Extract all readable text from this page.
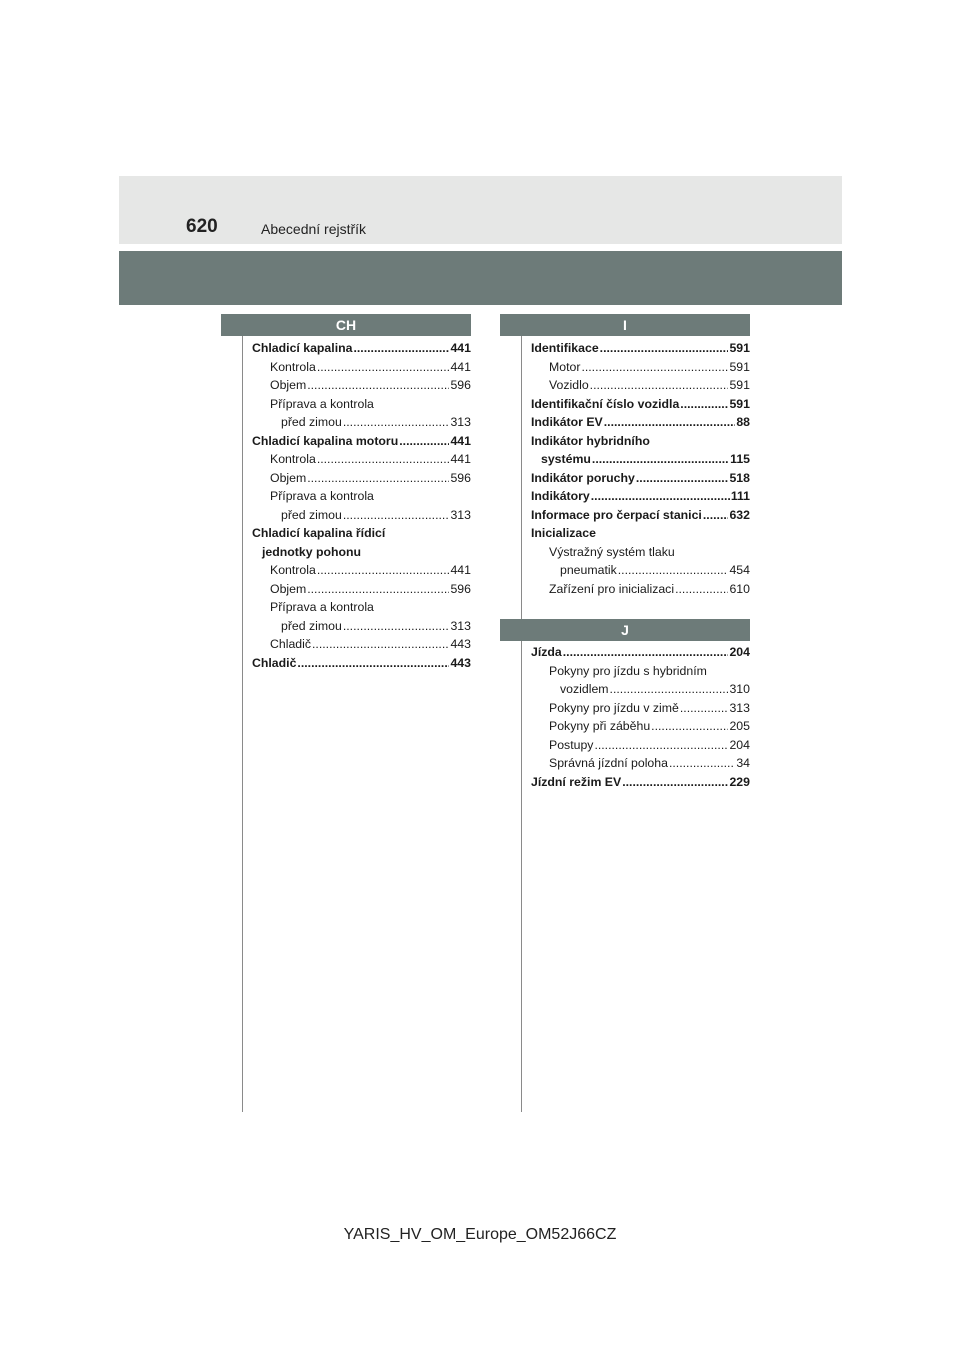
620	Abecední rejstřík
CH
Chladicí kapalina .....	441
Kontrola .....	441
Objem .....	596
Příprava a kontrola
před zimou .....	313
Chladicí kapalina motoru .....	441
Kontrola .....	441
Objem .....	596
Příprava a kontrola
před zimou .....	313
Chladicí kapalina řídicí
jednotky pohonu
Kontrola .....	441
Objem .....	596
Příprava a kontrola
před zimou .....	313
Chladič .....	443
Chladič .....	443
I
Identifikace .....	591
Motor .....	591
Vozidlo .....	591
Identifikační číslo vozidla .....	591
Indikátor EV .....	88
Indikátor hybridního
systému .....	115
Indikátor poruchy .....	518
Indikátory .....	111
Informace pro čerpací stanici ..... 632
Inicializace
Výstražný systém tlaku
pneumatik .....	454
Zařízení pro inicializaci .....	610
J
Jízda .....	204
Pokyny pro jízdu s hybridním
vozidlem .....	310
Pokyny pro jízdu v zimě .....	313
Pokyny při záběhu .....	205
Postupy .....	204
Správná jízdní poloha .....	34
Jízdní režim EV .....	229
YARIS_HV_OM_Europe_OM52J66CZ
